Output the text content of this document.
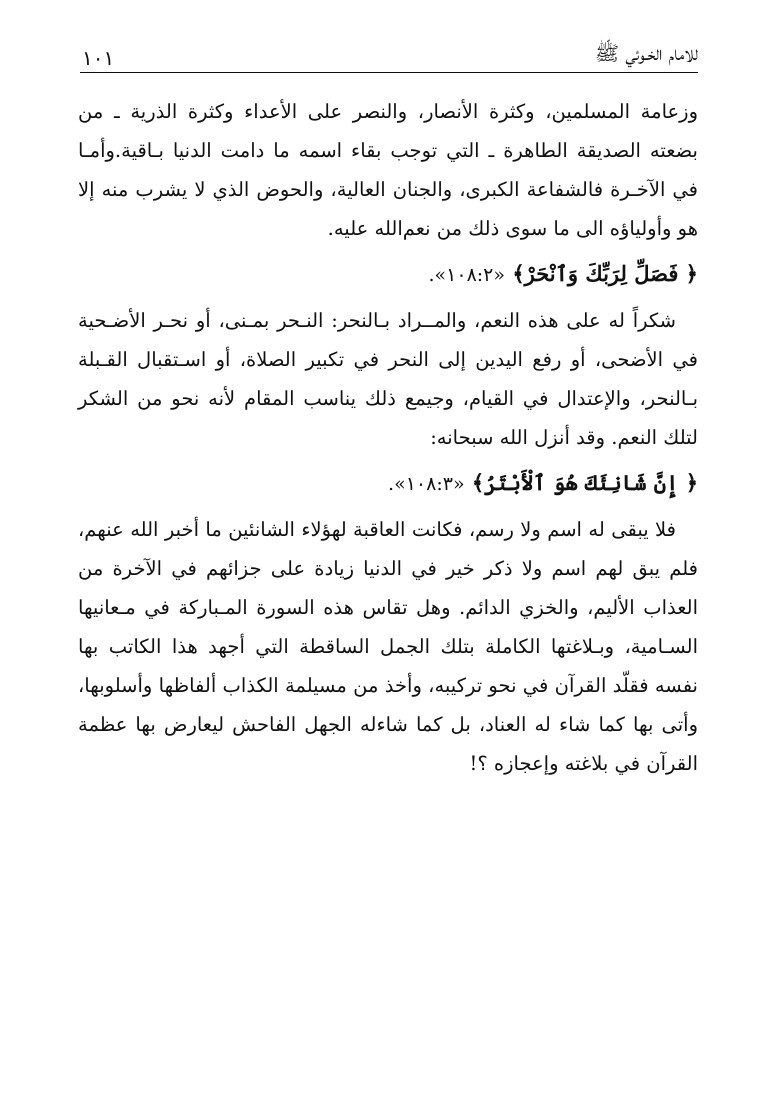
للامام الخـوئي ﷺ
١٠١

وزعامة المسلمين، وكثرة الأنصار، والنصر على الأعداء وكثرة الذرية ـ من بضعته الصديقة الطاهرة ـ التي توجب بقاء اسمه ما دامت الدنيا بـاقية.وأمـا في الآخـرة فالشفاعة الكبرى، والجنان العالية، والحوض الذي لا يشرب منه إلا هو وأولياؤه الى ما سوى ذلك من نعم‌الله عليه.

﴿ فَصَلِّ لِرَبِّكَ وَٱنْحَرْ﴾ «١٠٨:٢».

شكراً له على هذه النعم، والمــراد بـالنحر: النـحر بمـنى، أو نحـر الأضـحية في الأضحى، أو رفع اليدين إلى النحر في تكبير الصلاة، أو اسـتقبال القـبلة بـالنحر، والإعتدال في القيام، وجيمع ذلك يناسب المقام لأنه نحو من الشكر لتلك النعم. وقد أنزل الله سبحانه:

﴿ إِنَّ شَانِئَكَ هُوَ ٱلْأَبْتَرُ﴾ «١٠٨:٣».

فلا يبقى له اسم ولا رسم، فكانت العاقبة لهؤلاء الشانئين ما أخبر الله عنهم، فلم يبق لهم اسم ولا ذكر خير في الدنيا زيادة على جزائهم في الآخرة من العذاب الأليم، والخزي الدائم. وهل تقاس هذه السورة المـباركة في مـعانيها السـامية، وبـلاغتها الكاملة بتلك الجمل الساقطة التي أجهد هذا الكاتب بها نفسه فقلّد القرآن في نحو تركيبه، وأخذ من مسيلمة الكذاب ألفاظها وأسلوبها، وأتى بها كما شاء له العناد، بل كما شاءله الجهل الفاحش ليعارض بها عظمة القرآن في بلاغته وإعجازه ؟!
